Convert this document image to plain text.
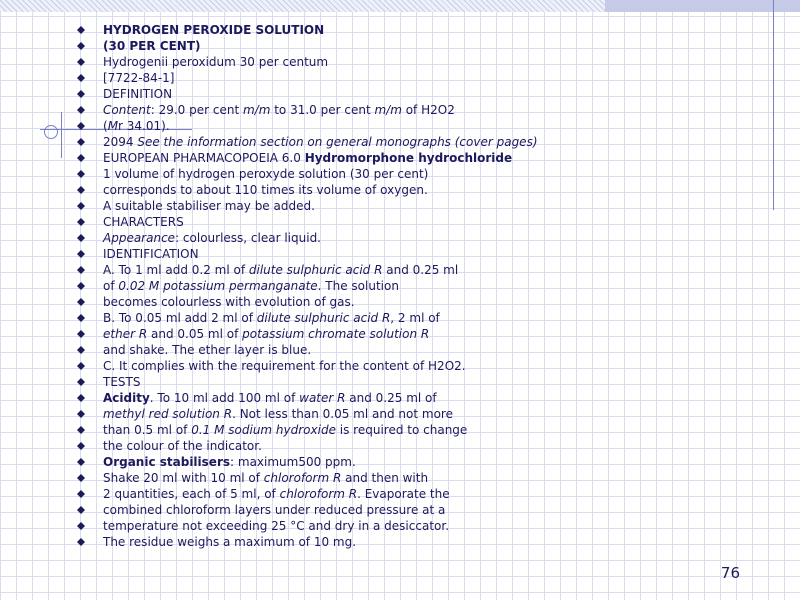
HYDROGEN PEROXIDE SOLUTION
(30 PER CENT)
Hydrogenii peroxidum 30 per centum
[7722-84-1]
DEFINITION
Content: 29.0 per cent m/m to 31.0 per cent m/m of H2O2
(Mr 34.01).
2094 See the information section on general monographs (cover pages)
EUROPEAN PHARMACOPOEIA 6.0 Hydromorphone hydrochloride
1 volume of hydrogen peroxyde solution (30 per cent)
corresponds to about 110 times its volume of oxygen.
A suitable stabiliser may be added.
CHARACTERS
Appearance: colourless, clear liquid.
IDENTIFICATION
A. To 1 ml add 0.2 ml of dilute sulphuric acid R and 0.25 ml
of 0.02 M potassium permanganate. The solution
becomes colourless with evolution of gas.
B. To 0.05 ml add 2 ml of dilute sulphuric acid R, 2 ml of
ether R and 0.05 ml of potassium chromate solution R
and shake. The ether layer is blue.
C. It complies with the requirement for the content of H2O2.
TESTS
Acidity. To 10 ml add 100 ml of water R and 0.25 ml of
methyl red solution R. Not less than 0.05 ml and not more
than 0.5 ml of 0.1 M sodium hydroxide is required to change
the colour of the indicator.
Organic stabilisers: maximum500 ppm.
Shake 20 ml with 10 ml of chloroform R and then with
2 quantities, each of 5 ml, of chloroform R. Evaporate the
combined chloroform layers under reduced pressure at a
temperature not exceeding 25 °C and dry in a desiccator.
The residue weighs a maximum of 10 mg.
76
